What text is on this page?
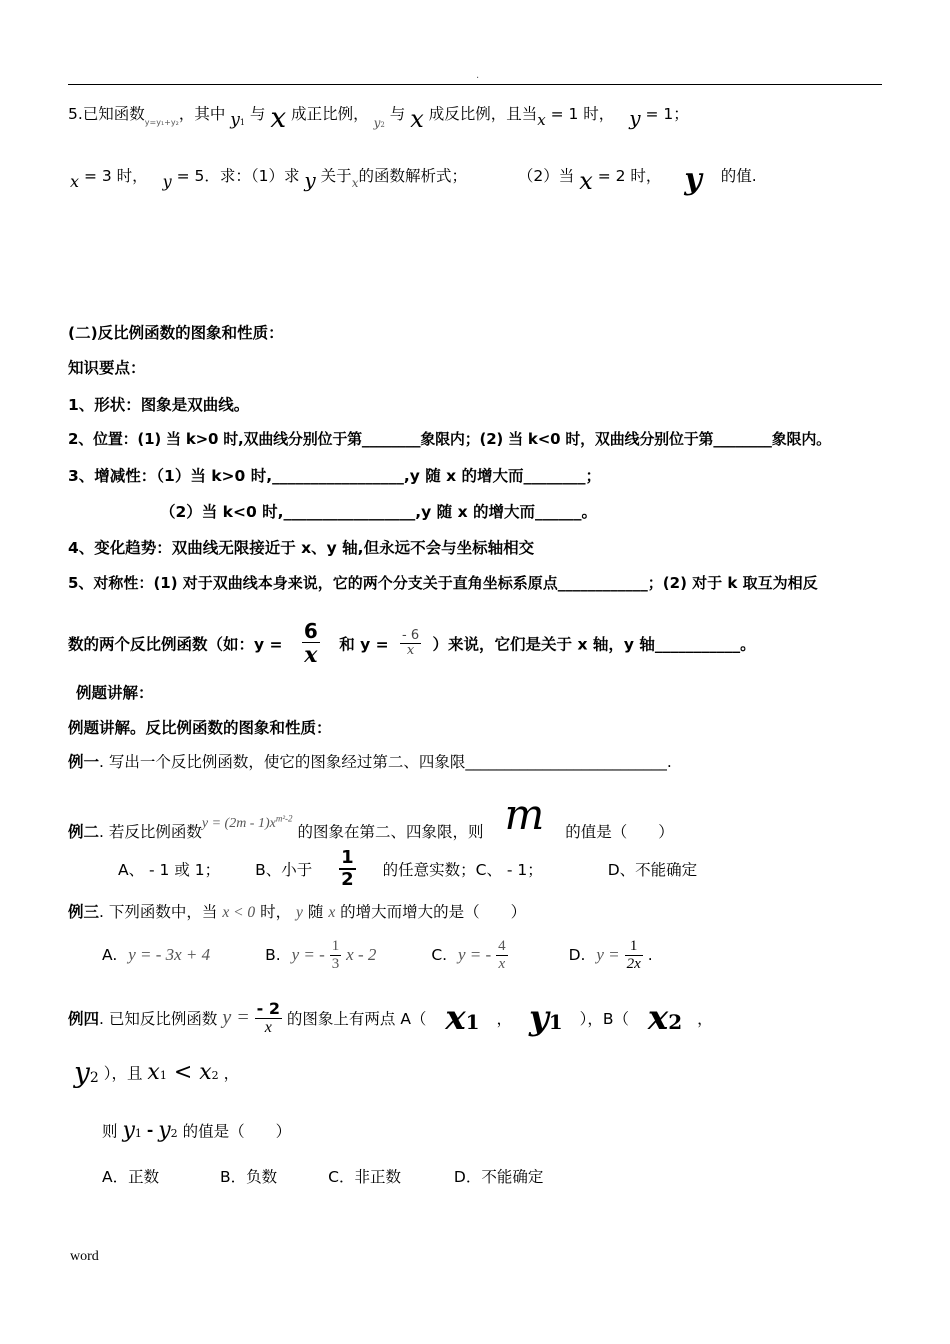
.
5.已知函数$_{y=y_1+y_2}$，其中 y1 与 x 成正比例， $_{y2}$ 与 x 成反比例，且当x = 1 时， y = 1；
x = 3 时， y = 5．求：（1）求 y 关于$_x$的函数解析式；	（2）当 x = 2 时， y 的值.
(二)反比例函数的图象和性质：
知识要点：
1、形状：图象是双曲线。
2、位置：(1) 当 k>0 时,双曲线分别位于第________象限内；(2) 当 k<0 时，双曲线分别位于第________象限内。
3、增减性：（1）当 k>0 时,_________________,y 随 x 的增大而________；
（2）当 k<0 时,_________________,y 随 x 的增大而______。
4、变化趋势：双曲线无限接近于 x、y 轴,但永远不会与坐标轴相交
5、对称性：(1) 对于双曲线本身来说，它的两个分支关于直角坐标系原点____________；(2) 对于 k 取互为相反
数的两个反比例函数（如：$y = \frac{6}{x}$ 和 $y = \frac{- 6}{x}$ ）来说，它们是关于 x 轴，y 轴___________。
例题讲解：
例题讲解。反比例函数的图象和性质：
例一. 写出一个反比例函数，使它的图象经过第二、四象限__________________________.
例二. 若反比例函数$y = (2m - 1)x^{m^2-2}$ 的图象在第二、四象限，则 m 的值是（　　）
A、 - 1 或 1； B、小于 $\frac{1}{2}$ 的任意实数；C、 - 1；	D、不能确定
例三. 下列函数中，当 x < 0 时， y 随 x 的增大而增大的是（　　）
A. y = - 3x + 4	B. y = - $\frac{1}{3}$ x - 2	C. y = - $\frac{4}{x}$	D. $y = \frac{1}{2x}$ .
例四. 已知反比例函数 $y = \frac{- 2}{x}$ 的图象上有两点 A（ x1 ， y1 ），B（ x2 ，
y2 ），且 x1 < x2 ，
则 y1 - y2 的值是（　　）
A．正数	B．负数	C．非正数	D．不能确定
word
